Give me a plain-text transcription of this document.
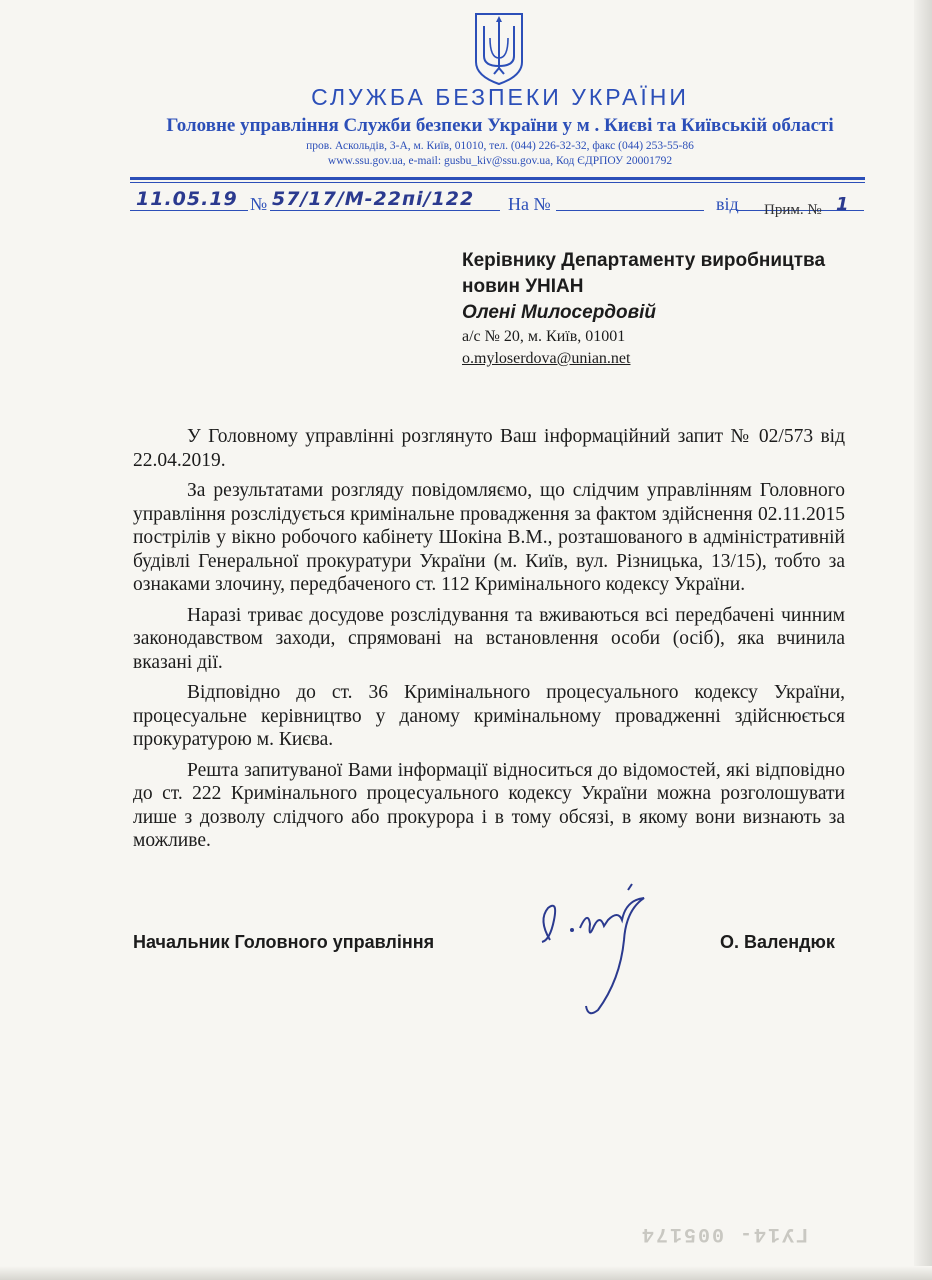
СЛУЖБА БЕЗПЕКИ УКРАЇНИ
Головне управління Служби безпеки України у м . Києві та Київській області
пров. Аскольдів, 3-А, м. Київ, 01010, тел. (044) 226-32-32, факс (044) 253-55-86
www.ssu.gov.ua, e-mail: gusbu_kiv@ssu.gov.ua, Код ЄДРПОУ 20001792
11.05.19 № 57/17/М-22пі/122 На №	від Прим. № 1
Керівнику Департаменту виробництва
новин УНІАН
Олені Милосердовій
а/с № 20, м. Київ, 01001
o.myloserdova@unian.net

У Головному управлінні розглянуто Ваш інформаційний запит № 02/573 від 22.04.2019.

За результатами розгляду повідомляємо, що слідчим управлінням Головного управління розслідується кримінальне провадження за фактом здійснення 02.11.2015 пострілів у вікно робочого кабінету Шокіна В.М., розташованого в адміністративній будівлі Генеральної прокуратури України (м. Київ, вул. Різницька, 13/15), тобто за ознаками злочину, передбаченого ст. 112 Кримінального кодексу України.

Наразі триває досудове розслідування та вживаються всі передбачені чинним законодавством заходи, спрямовані на встановлення особи (осіб), яка вчинила вказані дії.

Відповідно до ст. 36 Кримінального процесуального кодексу України, процесуальне керівництво у даному кримінальному провадженні здійснюється прокуратурою м. Києва.

Решта запитуваної Вами інформації відноситься до відомостей, які відповідно до ст. 222 Кримінального процесуального кодексу України можна розголошувати лише з дозволу слідчого або прокурора і в тому обсязі, в якому вони визнають за можливе.

Начальник Головного управління	О. Валендюк
ГУ14- 005174
